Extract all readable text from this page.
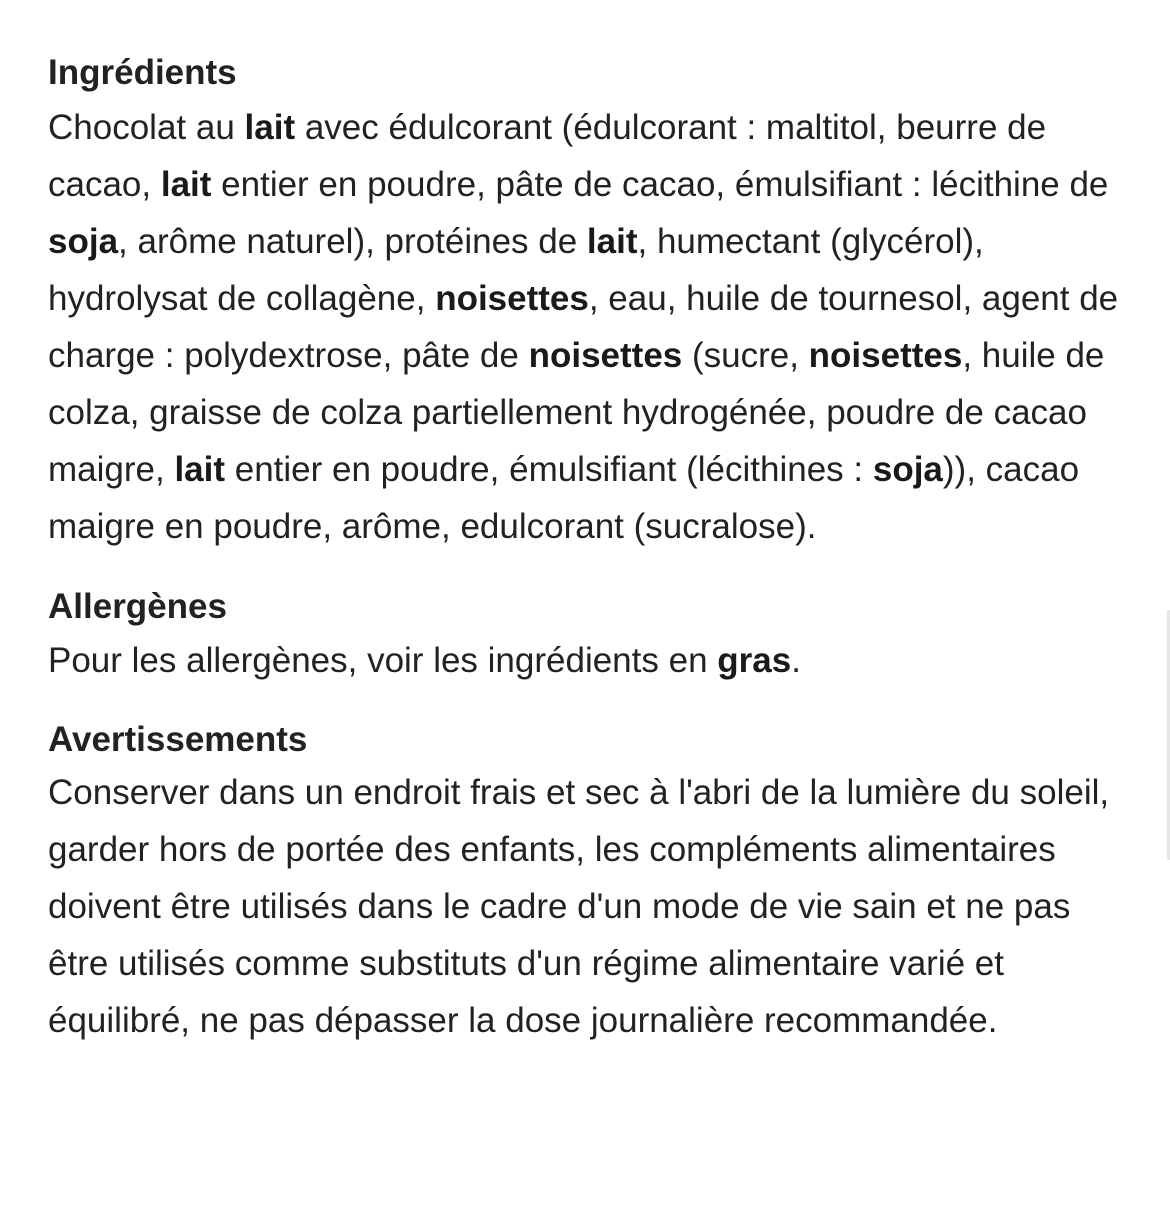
Ingrédients

Chocolat au lait avec édulcorant (édulcorant : maltitol, beurre de cacao, lait entier en poudre, pâte de cacao, émulsifiant : lécithine de soja, arôme naturel), protéines de lait, humectant (glycérol), hydrolysat de collagène, noisettes, eau, huile de tournesol, agent de charge : polydextrose, pâte de noisettes (sucre, noisettes, huile de colza, graisse de colza partiellement hydrogénée, poudre de cacao maigre, lait entier en poudre, émulsifiant (lécithines : soja)), cacao maigre en poudre, arôme, edulcorant (sucralose).

Allergènes

Pour les allergènes, voir les ingrédients en gras.

Avertissements

Conserver dans un endroit frais et sec à l'abri de la lumière du soleil, garder hors de portée des enfants, les compléments alimentaires doivent être utilisés dans le cadre d'un mode de vie sain et ne pas être utilisés comme substituts d'un régime alimentaire varié et équilibré, ne pas dépasser la dose journalière recommandée.
